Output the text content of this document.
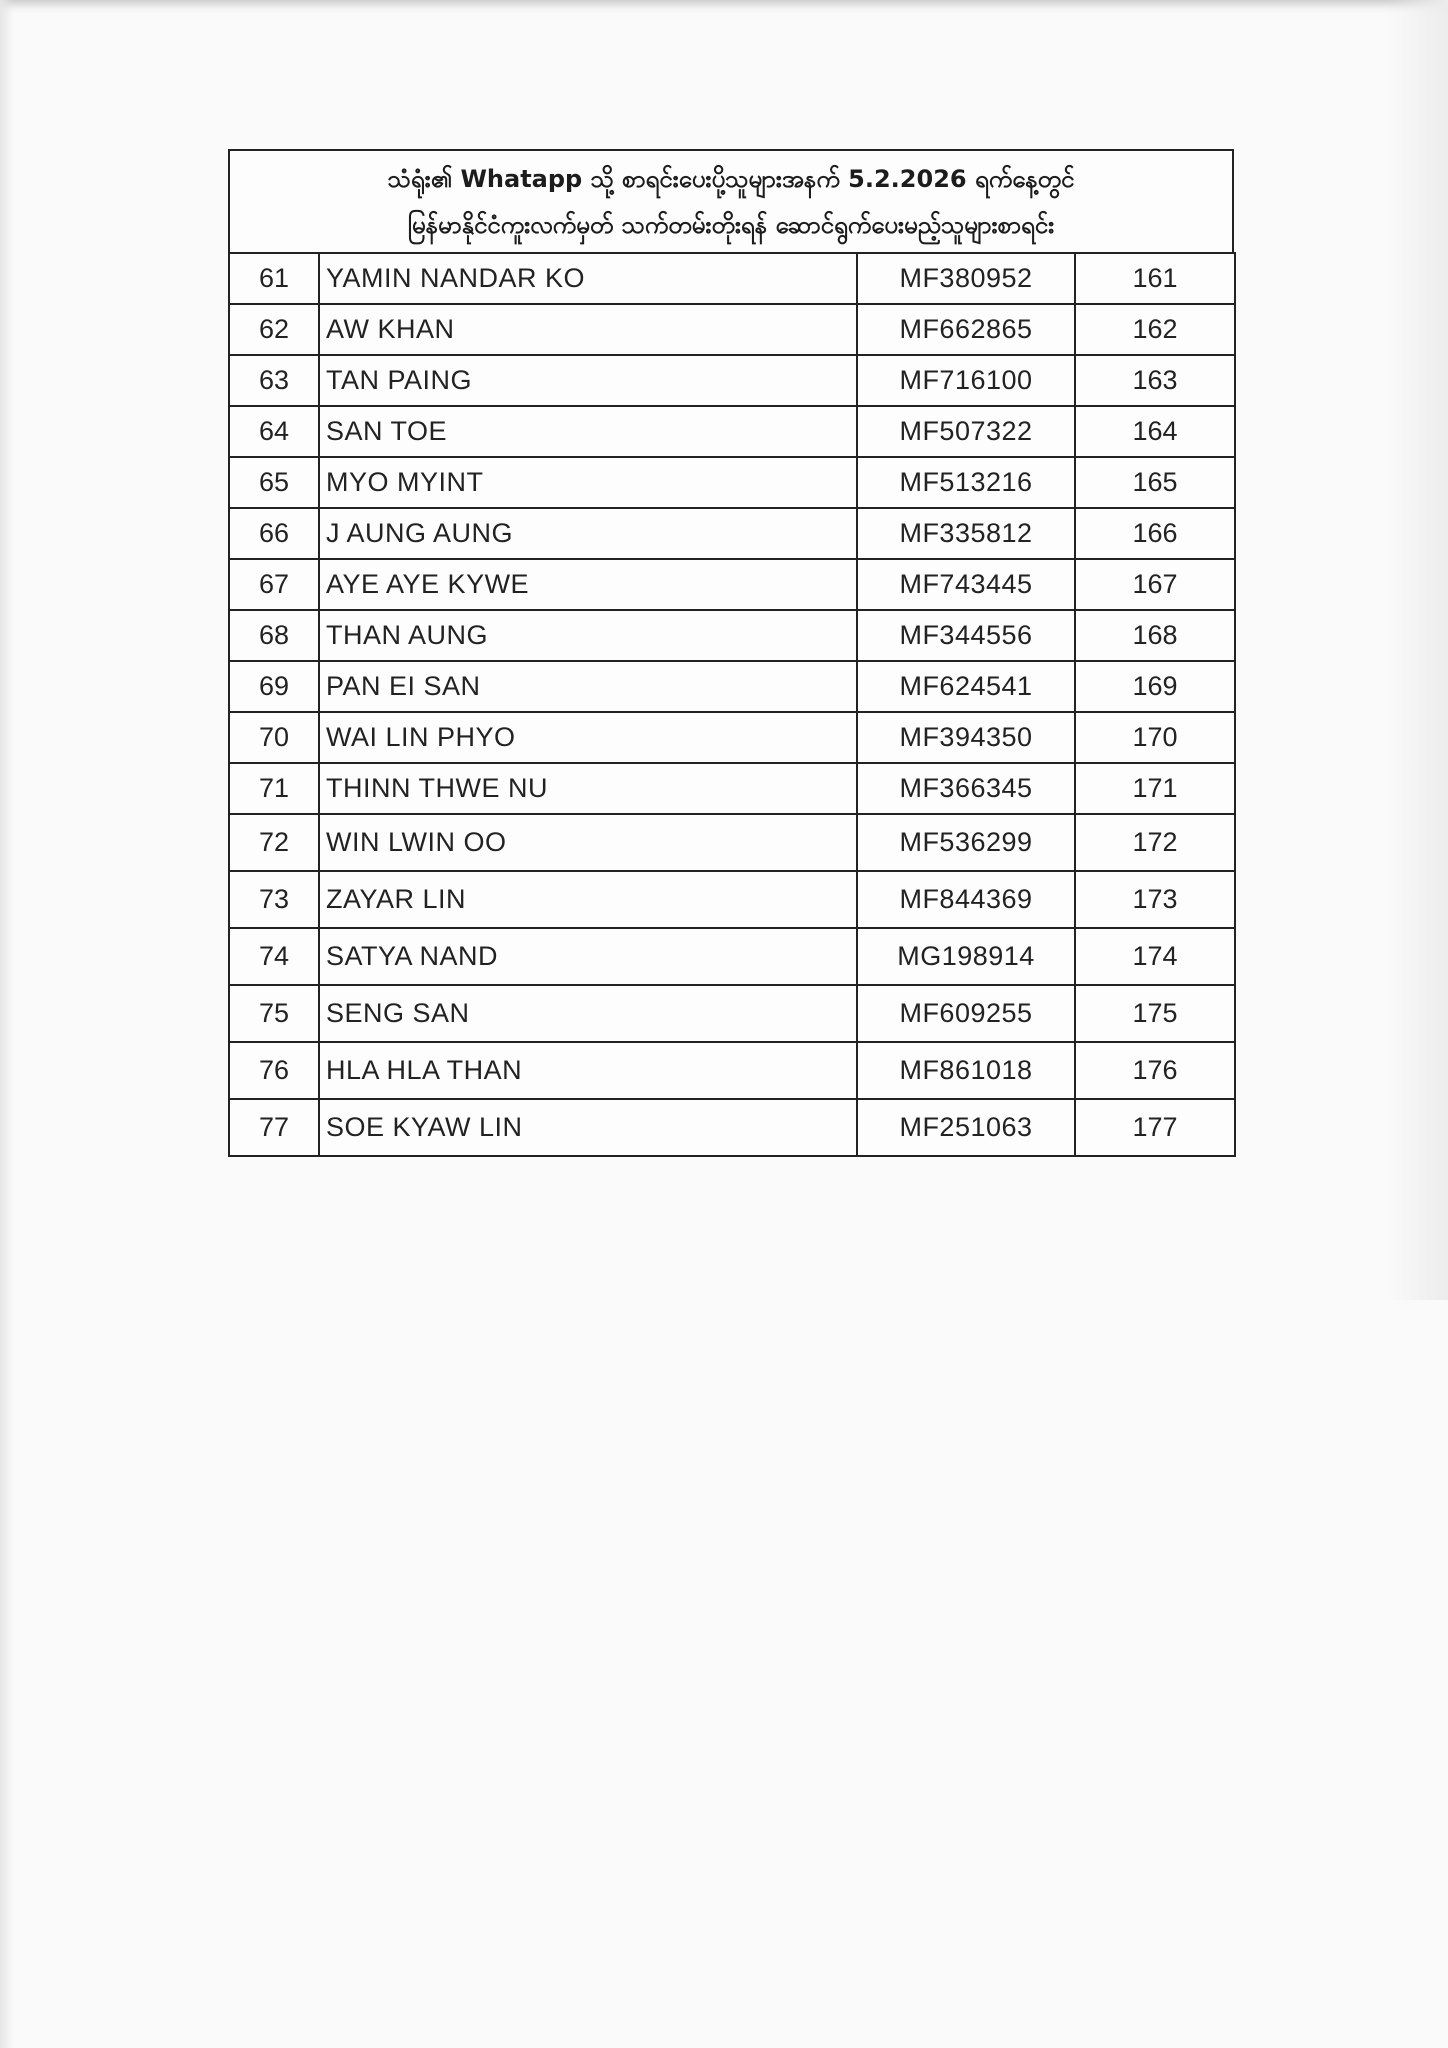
သံရုံး၏ Whatapp သို့ စာရင်းပေးပို့သူများအနက် 5.2.2026 ရက်နေ့တွင်
မြန်မာနိုင်ငံကူးလက်မှတ် သက်တမ်းတိုးရန် ဆောင်ရွက်ပေးမည့်သူများစာရင်း
61	YAMIN NANDAR KO	MF380952	161
62	AW KHAN	MF662865	162
63	TAN PAING	MF716100	163
64	SAN TOE	MF507322	164
65	MYO MYINT	MF513216	165
66	J AUNG AUNG	MF335812	166
67	AYE AYE KYWE	MF743445	167
68	THAN AUNG	MF344556	168
69	PAN EI SAN	MF624541	169
70	WAI LIN PHYO	MF394350	170
71	THINN THWE NU	MF366345	171
72	WIN LWIN OO	MF536299	172
73	ZAYAR LIN	MF844369	173
74	SATYA NAND	MG198914	174
75	SENG SAN	MF609255	175
76	HLA HLA THAN	MF861018	176
77	SOE KYAW LIN	MF251063	177
